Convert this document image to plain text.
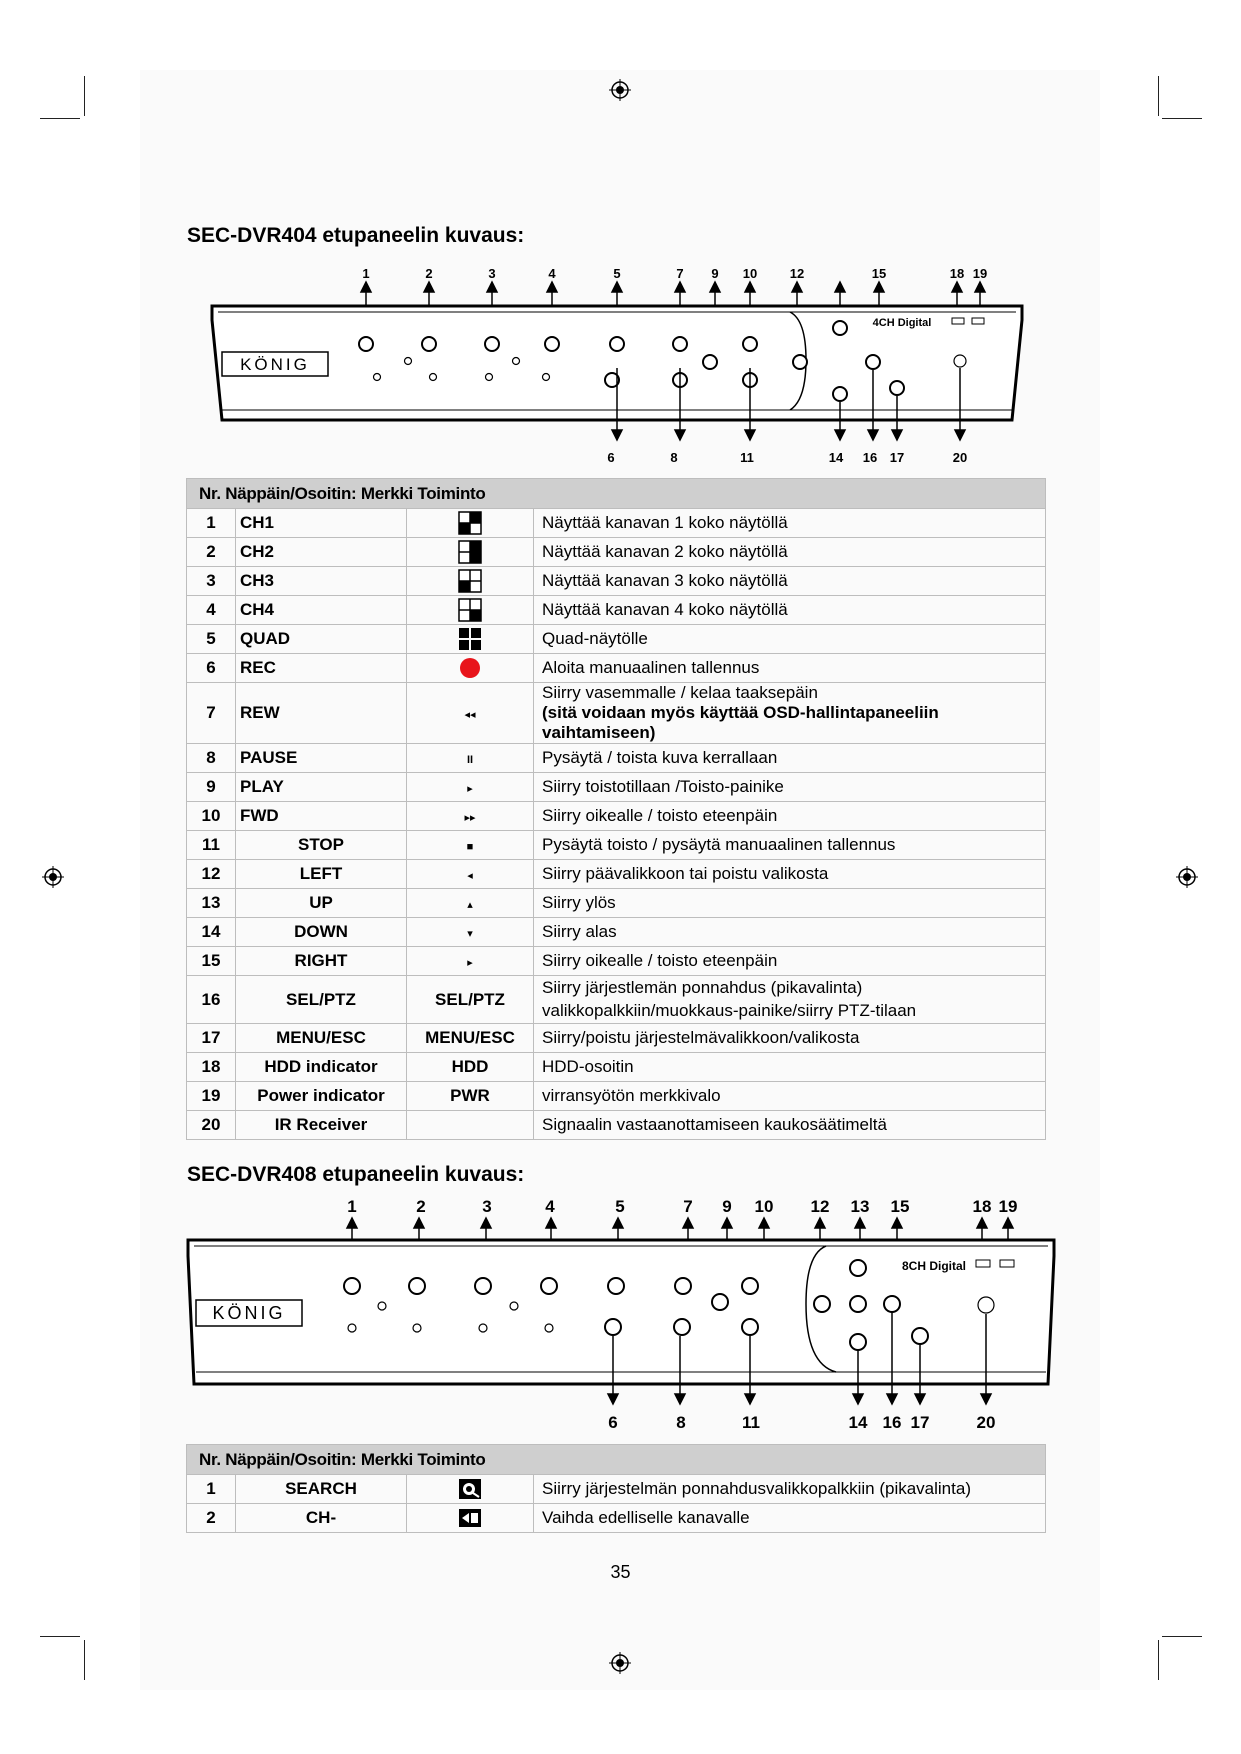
SEC-DVR404 etupaneelin kuvaus:
1	2	3	4	5	7 9 10	12	15	18 19
KÖNIG
4CH Digital
6	8	11	14 16 17	20
Nr. Näppäin/Osoitin: Merkki Toiminto			
1	CH1		Näyttää kanavan 1 koko näytöllä

2	CH2		Näyttää kanavan 2 koko näytöllä

3	CH3		Näyttää kanavan 3 koko näytöllä

4	CH4		Näyttää kanavan 4 koko näytöllä

5	QUAD		Quad-näytölle

6	REC		Aloita manuaalinen tallennus

7	REW	◂◂	Siirry vasemmalle / kelaa taaksepäin
(sitä voidaan myös käyttää OSD-hallintapaneeliin vaihtamiseen)

8	PAUSE	II	Pysäytä / toista kuva kerrallaan

9	PLAY	▸	Siirry toistotillaan /Toisto-painike

10	FWD	▸▸	Siirry oikealle / toisto eteenpäin

11	STOP	■	Pysäytä toisto / pysäytä manuaalinen tallennus

12	LEFT	◂	Siirry päävalikkoon tai poistu valikosta

13	UP	▴	Siirry ylös

14	DOWN	▾	Siirry alas

15	RIGHT	▸	Siirry oikealle / toisto eteenpäin

16	SEL/PTZ	SEL/PTZ	Siirry järjestlemän ponnahdus (pikavalinta)
valikkopalkkiin/muokkaus-painike/siirry PTZ-tilaan

17	MENU/ESC	MENU/ESC	Siirry/poistu järjestelmävalikkoon/valikosta

18	HDD indicator	HDD	HDD-osoitin

19	Power indicator	PWR	virransyötön merkkivalo

20	IR Receiver		Signaalin vastaanottamiseen kaukosäätimeltä
SEC-DVR408 etupaneelin kuvaus:
1	2	3	4	5	7 9 10 12 13 15	18 19
KÖNIG
8CH Digital
6	8	11	14 16 17	20
Nr. Näppäin/Osoitin: Merkki Toiminto			
1	SEARCH		Siirry järjestelmän ponnahdusvalikkopalkkiin (pikavalinta)

2	CH-		Vaihda edelliselle kanavalle
35
